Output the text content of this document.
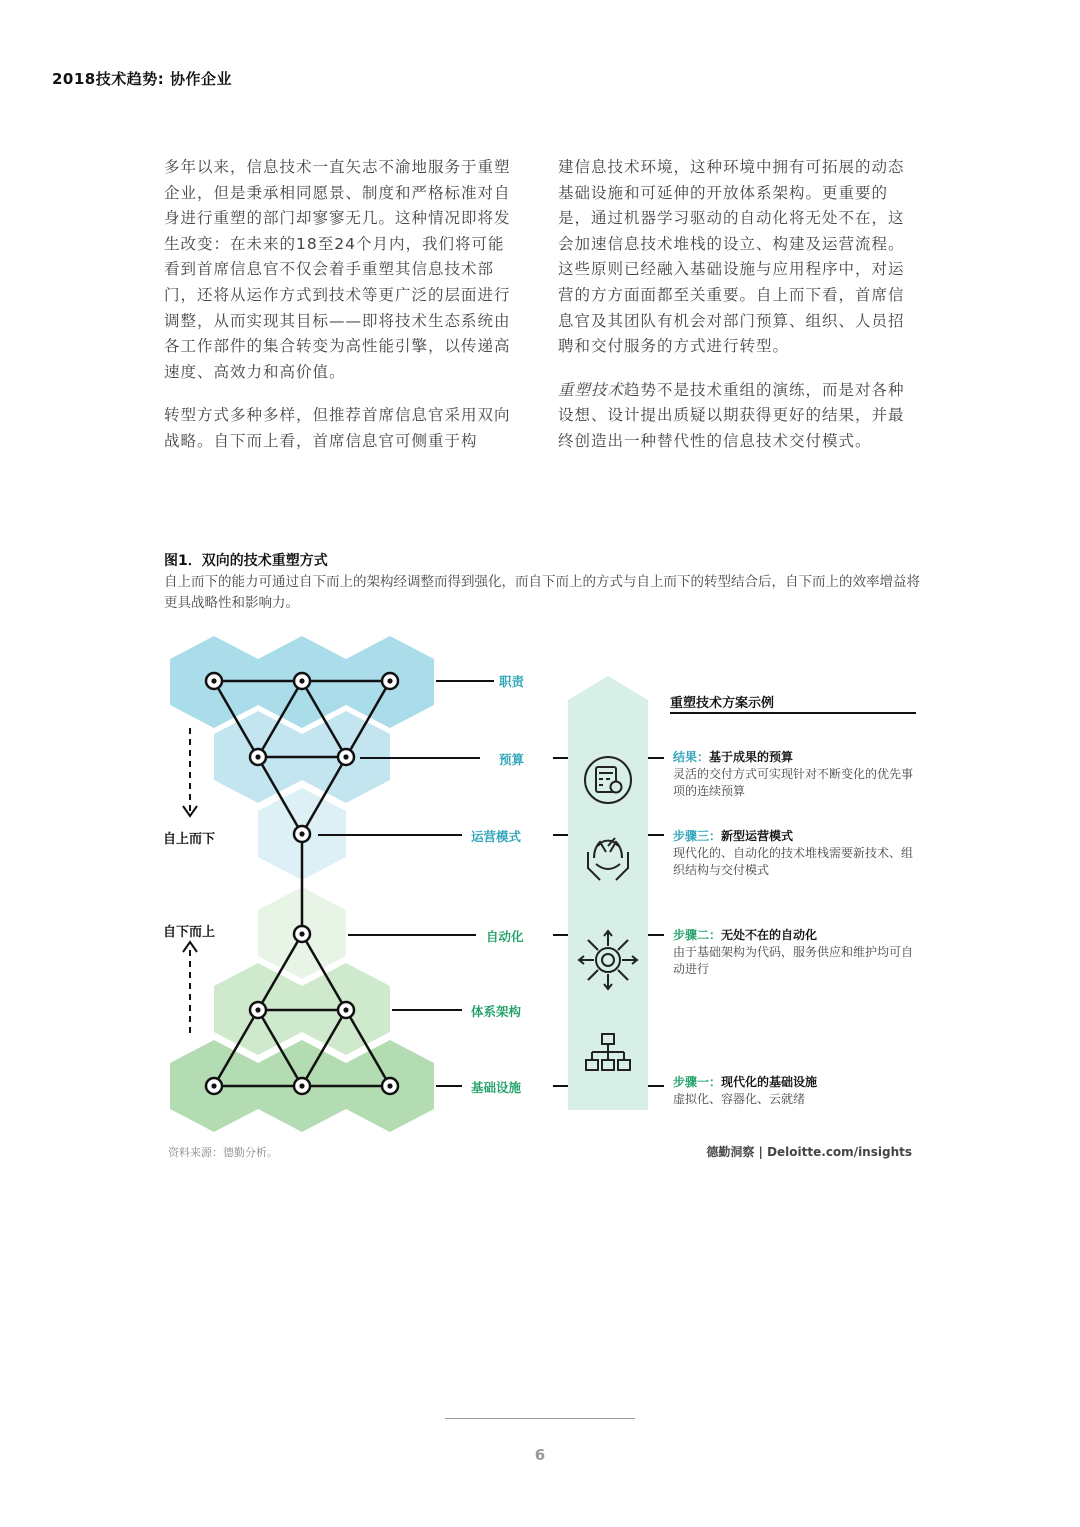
2018技术趋势: 协作企业

多年以来，信息技术一直矢志不渝地服务于重塑企业，但是秉承相同愿景、制度和严格标准对自身进行重塑的部门却寥寥无几。这种情况即将发生改变：在未来的18至24个月内，我们将可能看到首席信息官不仅会着手重塑其信息技术部门，还将从运作方式到技术等更广泛的层面进行调整，从而实现其目标——即将技术生态系统由各工作部件的集合转变为高性能引擎，以传递高速度、高效力和高价值。

转型方式多种多样，但推荐首席信息官采用双向战略。自下而上看，首席信息官可侧重于构

建信息技术环境，这种环境中拥有可拓展的动态基础设施和可延伸的开放体系架构。更重要的是，通过机器学习驱动的自动化将无处不在，这会加速信息技术堆栈的设立、构建及运营流程。这些原则已经融入基础设施与应用程序中，对运营的方方面面都至关重要。自上而下看，首席信息官及其团队有机会对部门预算、组织、人员招聘和交付服务的方式进行转型。

重塑技术趋势不是技术重组的演练，而是对各种设想、设计提出质疑以期获得更好的结果，并最终创造出一种替代性的信息技术交付模式。

图1．双向的技术重塑方式
自上而下的能力可通过自下而上的架构经调整而得到强化，而自下而上的方式与自上而下的转型结合后，自下而上的效率增益将更具战略性和影响力。
自上而下
自下而上
职责
预算
运营模式
自动化
体系架构
基础设施
重塑技术方案示例
结果：基于成果的预算
灵活的交付方式可实现针对不断变化的优先事项的连续预算
步骤三：新型运营模式
现代化的、自动化的技术堆栈需要新技术、组织结构与交付模式
步骤二：无处不在的自动化
由于基础架构为代码，服务供应和维护均可自动进行
步骤一：现代化的基础设施
虚拟化、容器化、云就绪
资料来源：德勤分析。	德勤洞察 | Deloitte.com/insights
6
